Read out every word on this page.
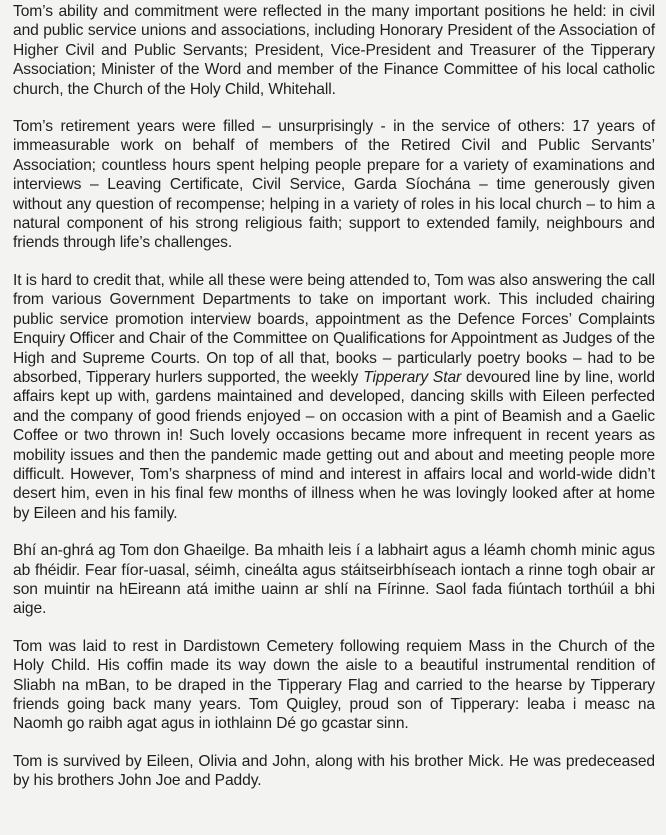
Tom’s ability and commitment were reflected in the many important positions he held: in civil and public service unions and associations, including Honorary President of the Association of Higher Civil and Public Servants; President, Vice-President and Treasurer of the Tipperary Association; Minister of the Word and member of the Finance Committee of his local catholic church, the Church of the Holy Child, Whitehall.

Tom’s retirement years were filled – unsurprisingly - in the service of others: 17 years of immeasurable work on behalf of members of the Retired Civil and Public Servants’ Association; countless hours spent helping people prepare for a variety of examinations and interviews – Leaving Certificate, Civil Service, Garda Síochána – time generously given without any question of recompense; helping in a variety of roles in his local church – to him a natural component of his strong religious faith; support to extended family, neighbours and friends through life’s challenges.

It is hard to credit that, while all these were being attended to, Tom was also answering the call from various Government Departments to take on important work. This included chairing public service promotion interview boards, appointment as the Defence Forces’ Complaints Enquiry Officer and Chair of the Committee on Qualifications for Appointment as Judges of the High and Supreme Courts. On top of all that, books – particularly poetry books – had to be absorbed, Tipperary hurlers supported, the weekly Tipperary Star devoured line by line, world affairs kept up with, gardens maintained and developed, dancing skills with Eileen perfected and the company of good friends enjoyed – on occasion with a pint of Beamish and a Gaelic Coffee or two thrown in! Such lovely occasions became more infrequent in recent years as mobility issues and then the pandemic made getting out and about and meeting people more difficult. However, Tom’s sharpness of mind and interest in affairs local and world-wide didn’t desert him, even in his final few months of illness when he was lovingly looked after at home by Eileen and his family.

Bhí an-ghrá ag Tom don Ghaeilge. Ba mhaith leis í a labhairt agus a léamh chomh minic agus ab fhéidir. Fear fíor-uasal, séimh, cineálta agus stáitseirbhíseach iontach a rinne togh obair ar son muintir na hEireann atá imithe uainn ar shlí na Fírinne. Saol fada fiúntach torthúil a bhi aige.

Tom was laid to rest in Dardistown Cemetery following requiem Mass in the Church of the Holy Child. His coffin made its way down the aisle to a beautiful instrumental rendition of Sliabh na mBan, to be draped in the Tipperary Flag and carried to the hearse by Tipperary friends going back many years. Tom Quigley, proud son of Tipperary: leaba i measc na Naomh go raibh agat agus in iothlainn Dé go gcastar sinn.

Tom is survived by Eileen, Olivia and John, along with his brother Mick. He was predeceased by his brothers John Joe and Paddy.
